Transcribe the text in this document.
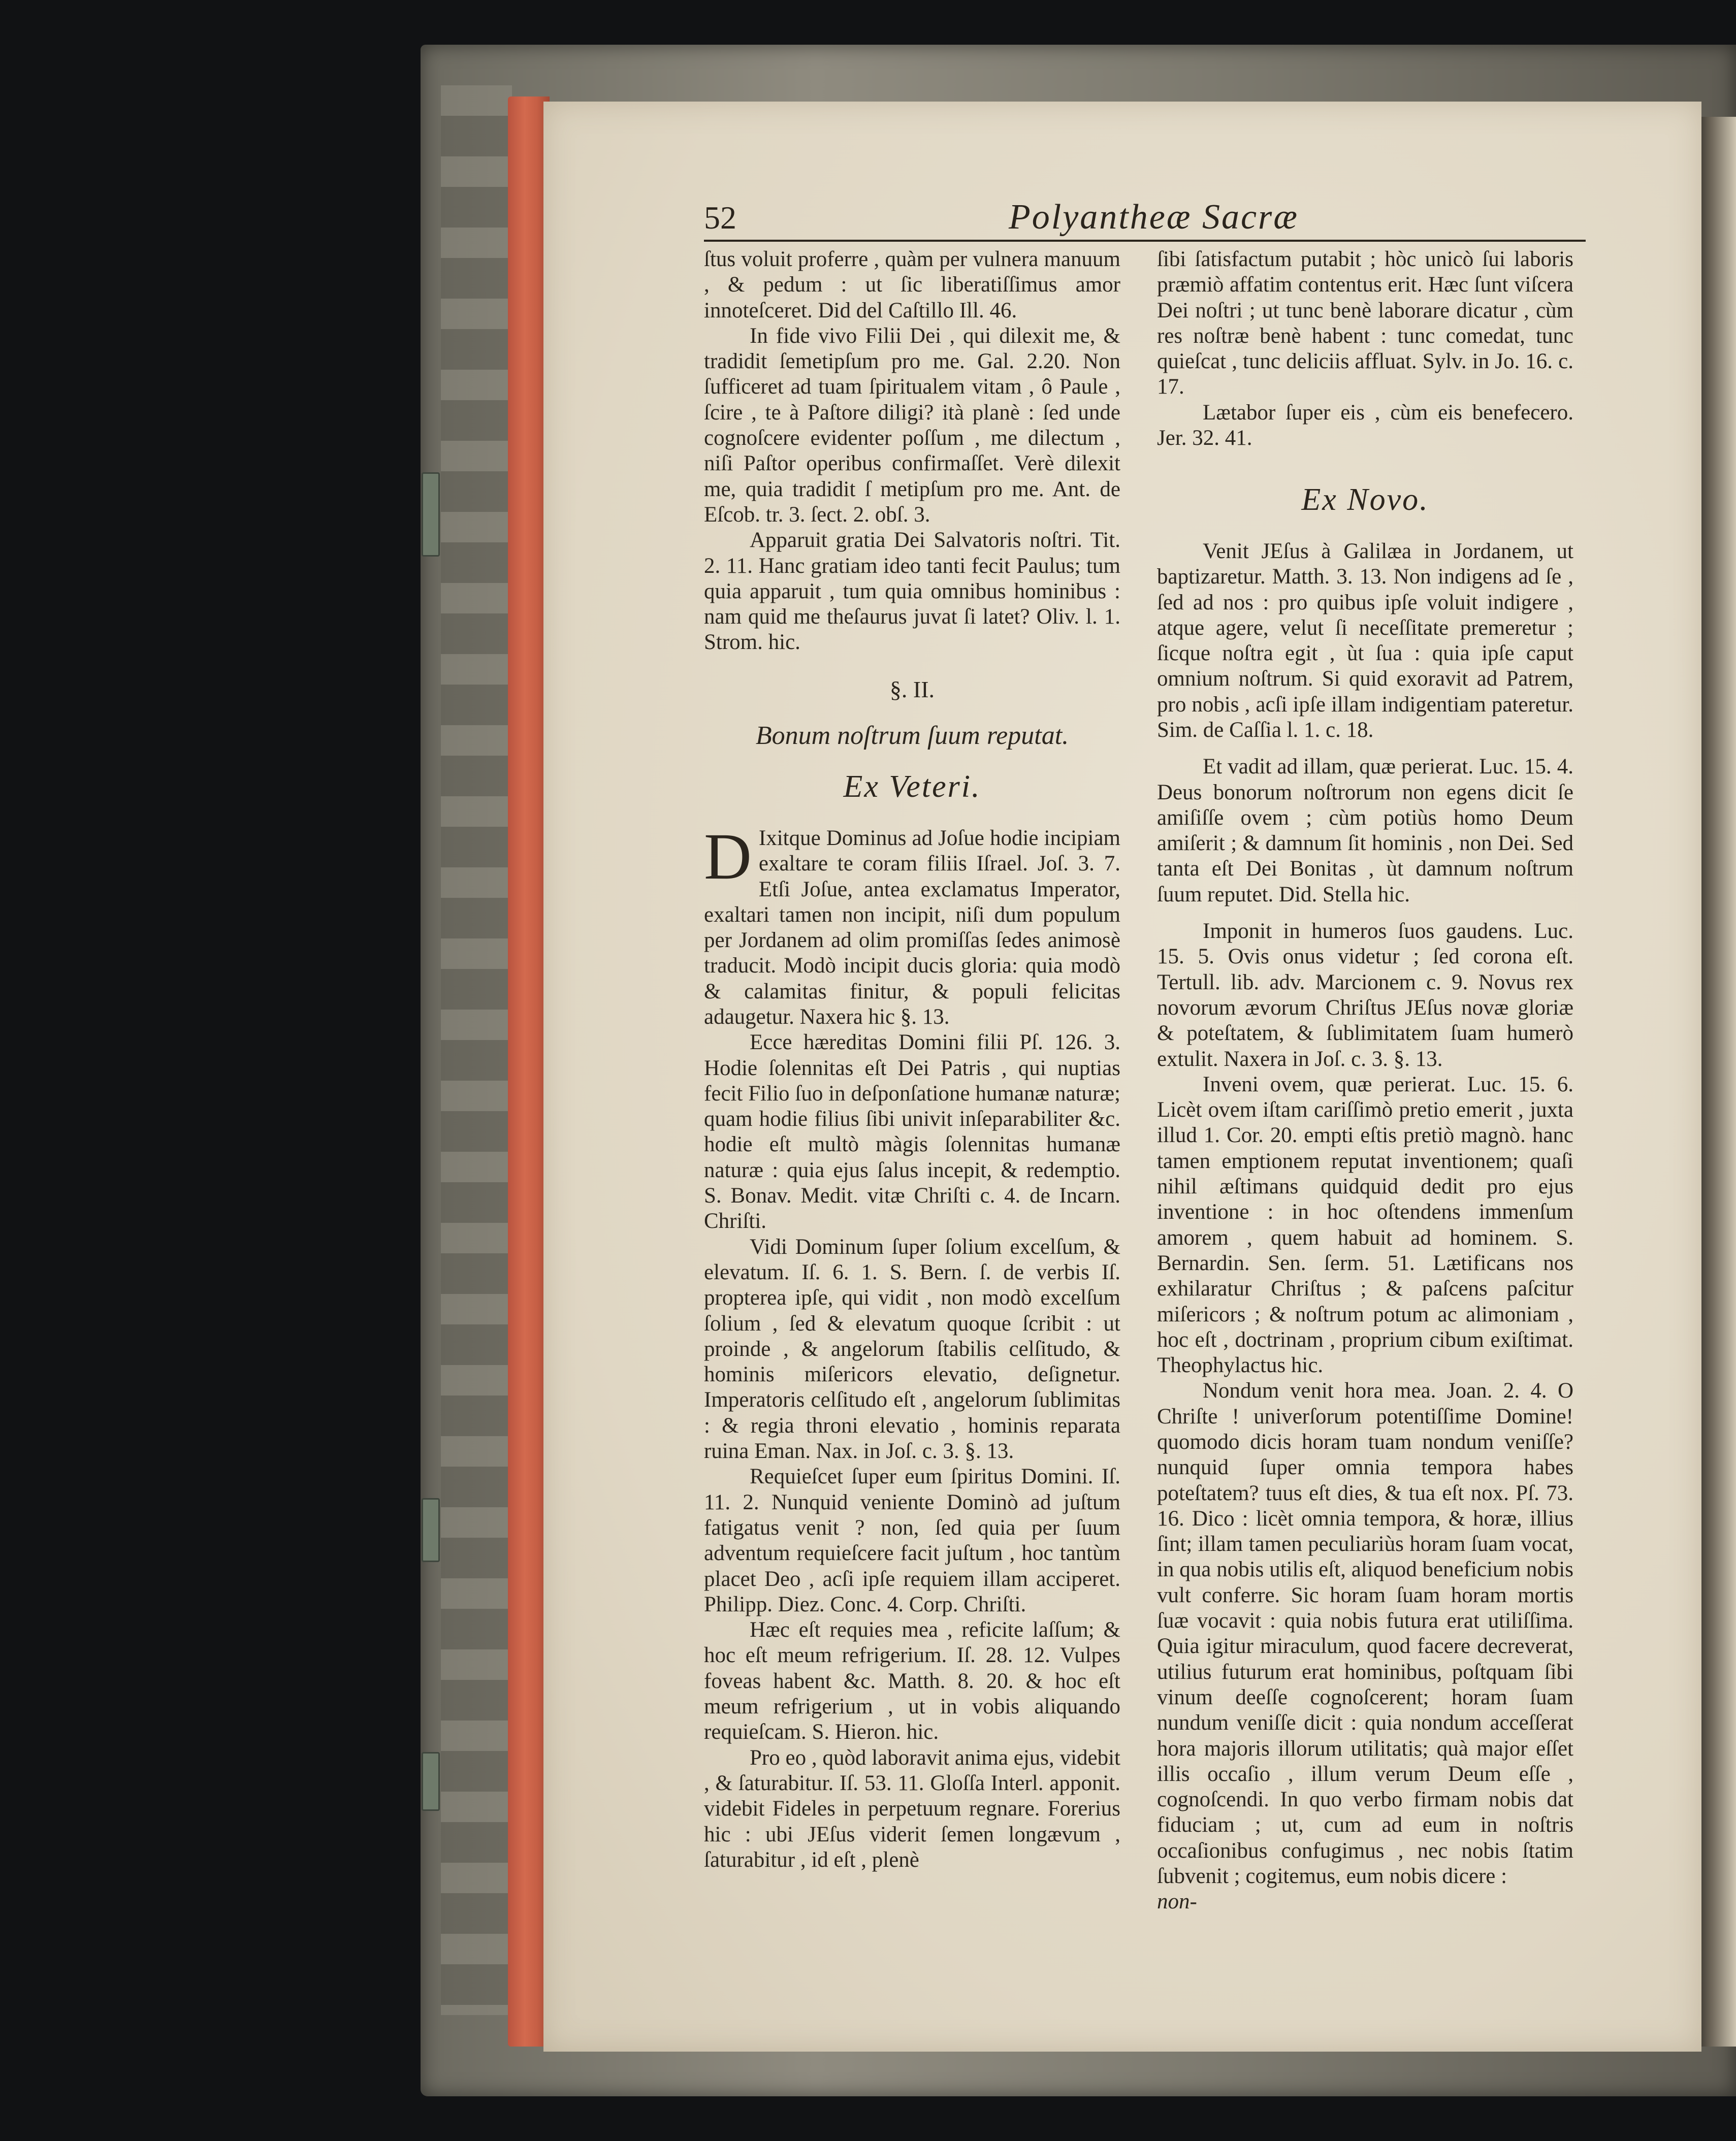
52	Polyantheæ Sacræ

ſtus voluit proferre , quàm per vulnera manuum , & pedum : ut ſic liberatiſſimus amor innoteſceret. Did del Caſtillo Ill. 46.

In fide vivo Filii Dei , qui dilexit me, & tradidit ſemetipſum pro me. Gal. 2.20. Non ſufficeret ad tuam ſpiritualem vitam , ô Paule , ſcire , te à Paſtore diligi? ità planè : ſed unde cognoſcere evidenter poſſum , me dilectum , niſi Paſtor operibus confirmaſſet. Verè dilexit me, quia tradidit ſ metipſum pro me. Ant. de Eſcob. tr. 3. ſect. 2. obſ. 3.

Apparuit gratia Dei Salvatoris noſtri. Tit. 2. 11. Hanc gratiam ideo tanti fecit Paulus; tum quia apparuit , tum quia omnibus hominibus : nam quid me theſaurus juvat ſi latet? Oliv. l. 1. Strom. hic.

§. II.
Bonum noſtrum ſuum reputat.
Ex Veteri.

D Ixitque Dominus ad Joſue hodie incipiam exaltare te coram filiis Iſrael. Joſ. 3. 7. Etſi Joſue, antea exclamatus Imperator, exaltari tamen non incipit, niſi dum populum per Jordanem ad olim promiſſas ſedes animosè traducit. Modò incipit ducis gloria: quia modò & calamitas finitur, & populi felicitas adaugetur. Naxera hic §. 13.

Ecce hæreditas Domini filii Pſ. 126. 3. Hodie ſolennitas eſt Dei Patris , qui nuptias fecit Filio ſuo in deſponſatione humanæ naturæ; quam hodie filius ſibi univit inſeparabiliter &c. hodie eſt multò màgis ſolennitas humanæ naturæ : quia ejus ſalus incepit, & redemptio. S. Bonav. Medit. vitæ Chriſti c. 4. de Incarn. Chriſti.

Vidi Dominum ſuper ſolium excelſum, & elevatum. Iſ. 6. 1. S. Bern. ſ. de verbis Iſ. propterea ipſe, qui vidit , non modò excelſum ſolium , ſed & elevatum quoque ſcribit : ut proinde , & angelorum ſtabilis celſitudo, & hominis miſericors elevatio, deſignetur. Imperatoris celſitudo eſt , angelorum ſublimitas : & regia throni elevatio , hominis reparata ruina Eman. Nax. in Joſ. c. 3. §. 13.

Requieſcet ſuper eum ſpiritus Domini. Iſ. 11. 2. Nunquid veniente Dominò ad juſtum fatigatus venit ? non, ſed quia per ſuum adventum requieſcere facit juſtum , hoc tantùm placet Deo , acſi ipſe requiem illam acciperet. Philipp. Diez. Conc. 4. Corp. Chriſti.

Hæc eſt requies mea , reficite laſſum; & hoc eſt meum refrigerium. Iſ. 28. 12. Vulpes foveas habent &c. Matth. 8. 20. & hoc eſt meum refrigerium , ut in vobis aliquando requieſcam. S. Hieron. hic.

Pro eo , quòd laboravit anima ejus, videbit , & ſaturabitur. Iſ. 53. 11. Gloſſa Interl. apponit. videbit Fideles in perpetuum regnare. Forerius hic : ubi JEſus viderit ſemen longævum , ſaturabitur , id eſt , plenè

ſibi ſatisfactum putabit ; hòc unicò ſui laboris præmiò affatim contentus erit. Hæc ſunt viſcera Dei noſtri ; ut tunc benè laborare dicatur , cùm res noſtræ benè habent : tunc comedat, tunc quieſcat , tunc deliciis affluat. Sylv. in Jo. 16. c. 17.

Lætabor ſuper eis , cùm eis benefecero. Jer. 32. 41.

Ex Novo.

Venit JEſus à Galilæa in Jordanem, ut baptizaretur. Matth. 3. 13. Non indigens ad ſe , ſed ad nos : pro quibus ipſe voluit indigere , atque agere, velut ſi neceſſitate premeretur ; ſicque noſtra egit , ùt ſua : quia ipſe caput omnium noſtrum. Si quid exoravit ad Patrem, pro nobis , acſi ipſe illam indigentiam pateretur. Sim. de Caſſia l. 1. c. 18.

Et vadit ad illam, quæ perierat. Luc. 15. 4. Deus bonorum noſtrorum non egens dicit ſe amiſiſſe ovem ; cùm potiùs homo Deum amiſerit ; & damnum ſit hominis , non Dei. Sed tanta eſt Dei Bonitas , ùt damnum noſtrum ſuum reputet. Did. Stella hic.

Imponit in humeros ſuos gaudens. Luc. 15. 5. Ovis onus videtur ; ſed corona eſt. Tertull. lib. adv. Marcionem c. 9. Novus rex novorum ævorum Chriſtus JEſus novæ gloriæ & poteſtatem, & ſublimitatem ſuam humerò extulit. Naxera in Joſ. c. 3. §. 13.

Inveni ovem, quæ perierat. Luc. 15. 6. Licèt ovem iſtam cariſſimò pretio emerit , juxta illud 1. Cor. 20. empti eſtis pretiò magnò. hanc tamen emptionem reputat inventionem; quaſi nihil æſtimans quidquid dedit pro ejus inventione : in hoc oſtendens immenſum amorem , quem habuit ad hominem. S. Bernardin. Sen. ſerm. 51. Lætificans nos exhilaratur Chriſtus ; & paſcens paſcitur miſericors ; & noſtrum potum ac alimoniam , hoc eſt , doctrinam , proprium cibum exiſtimat. Theophylactus hic.

Nondum venit hora mea. Joan. 2. 4. O Chriſte ! univerſorum potentiſſime Domine! quomodo dicis horam tuam nondum veniſſe? nunquid ſuper omnia tempora habes poteſtatem? tuus eſt dies, & tua eſt nox. Pſ. 73. 16. Dico : licèt omnia tempora, & horæ, illius ſint; illam tamen peculiariùs horam ſuam vocat, in qua nobis utilis eſt, aliquod beneficium nobis vult conferre. Sic horam ſuam horam mortis ſuæ vocavit : quia nobis futura erat utiliſſima. Quia igitur miraculum, quod facere decreverat, utilius futurum erat hominibus, poſtquam ſibi vinum deeſſe cognoſcerent; horam ſuam nundum veniſſe dicit : quia nondum acceſſerat hora majoris illorum utilitatis; quà major eſſet illis occaſio , illum verum Deum eſſe , cognoſcendi. In quo verbo firmam nobis dat fiduciam ; ut, cum ad eum in noſtris occaſionibus confugimus , nec nobis ſtatim ſubvenit ; cogitemus, eum nobis dicere :

non-
